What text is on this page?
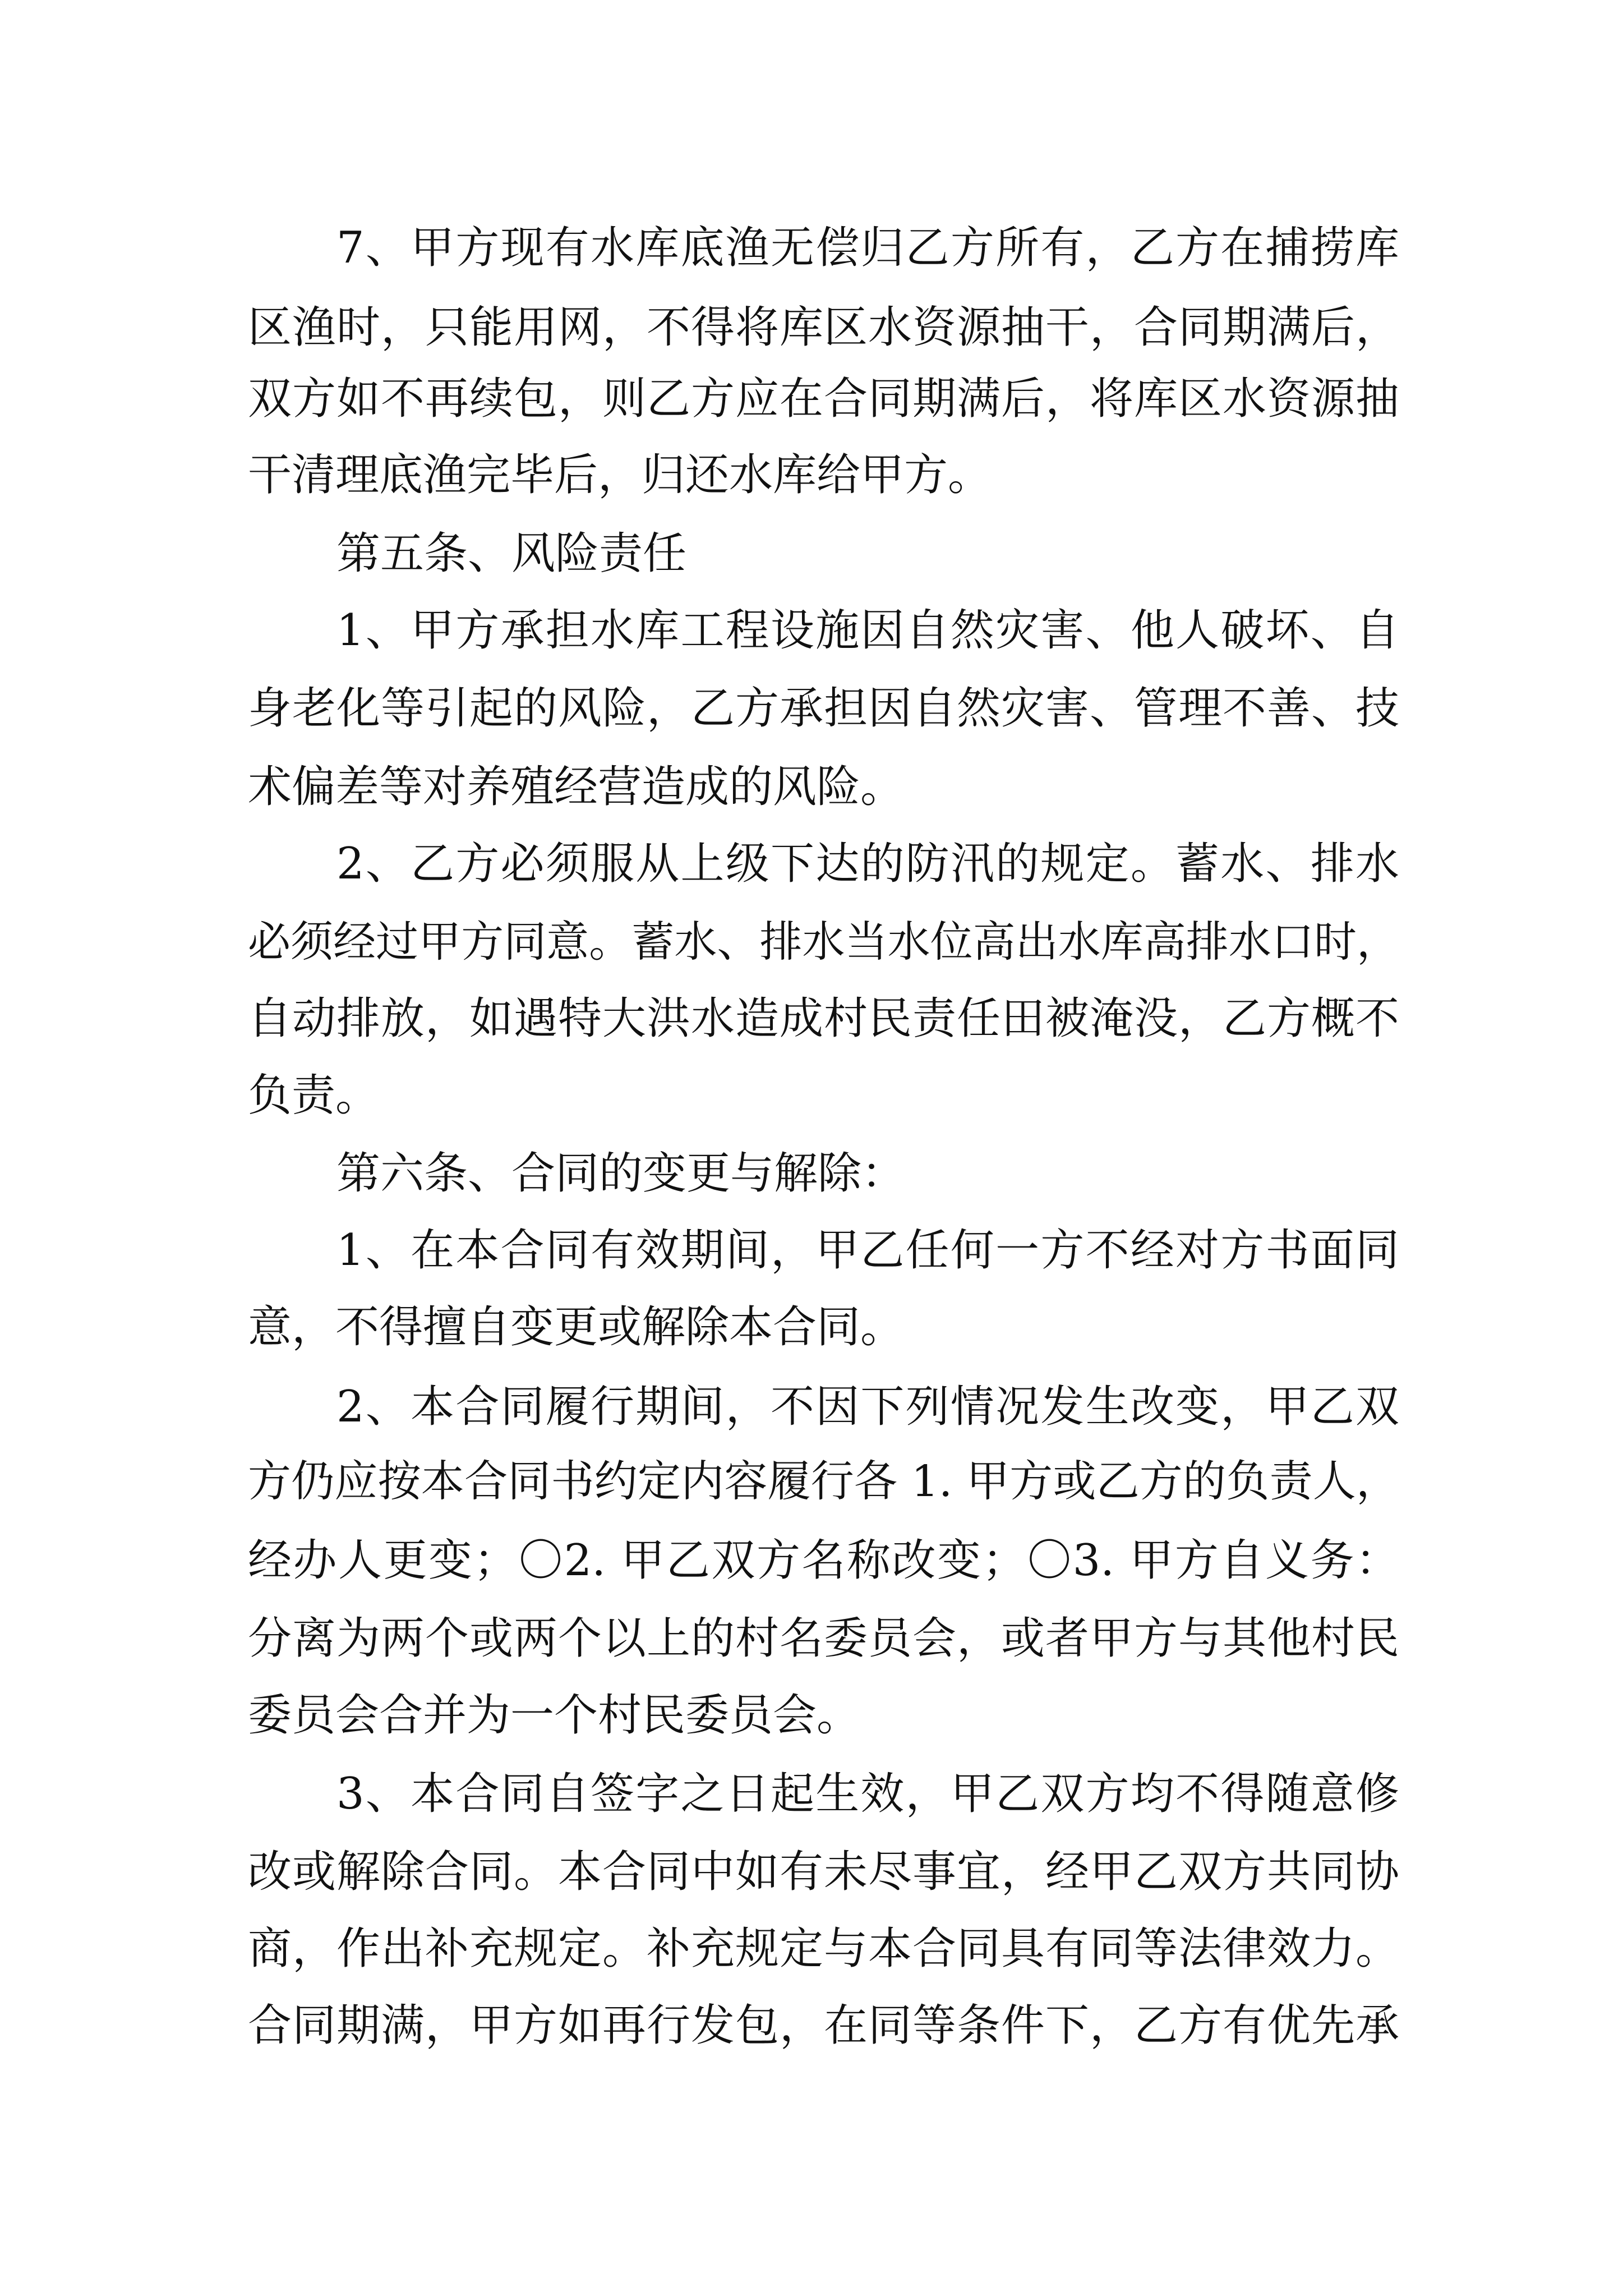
7、甲方现有水库底渔无偿归乙方所有，乙方在捕捞库
区渔时，只能用网，不得将库区水资源抽干，合同期满后，
双方如不再续包，则乙方应在合同期满后，将库区水资源抽
干清理底渔完毕后，归还水库给甲方。
第五条、风险责任
1、甲方承担水库工程设施因自然灾害、他人破坏、自
身老化等引起的风险，乙方承担因自然灾害、管理不善、技
术偏差等对养殖经营造成的风险。
2、乙方必须服从上级下达的防汛的规定。蓄水、排水
必须经过甲方同意。蓄水、排水当水位高出水库高排水口时，
自动排放，如遇特大洪水造成村民责任田被淹没，乙方概不
负责。
第六条、合同的变更与解除：
1、在本合同有效期间，甲乙任何一方不经对方书面同
意，不得擅自变更或解除本合同。
2、本合同履行期间，不因下列情况发生改变，甲乙双
方仍应按本合同书约定内容履行各 1. 甲方或乙方的负责人，
经办人更变；〇2. 甲乙双方名称改变；〇3. 甲方自义务：
分离为两个或两个以上的村名委员会，或者甲方与其他村民
委员会合并为一个村民委员会。
3、本合同自签字之日起生效，甲乙双方均不得随意修
改或解除合同。本合同中如有未尽事宜，经甲乙双方共同协
商，作出补充规定。补充规定与本合同具有同等法律效力。
合同期满，甲方如再行发包，在同等条件下，乙方有优先承
